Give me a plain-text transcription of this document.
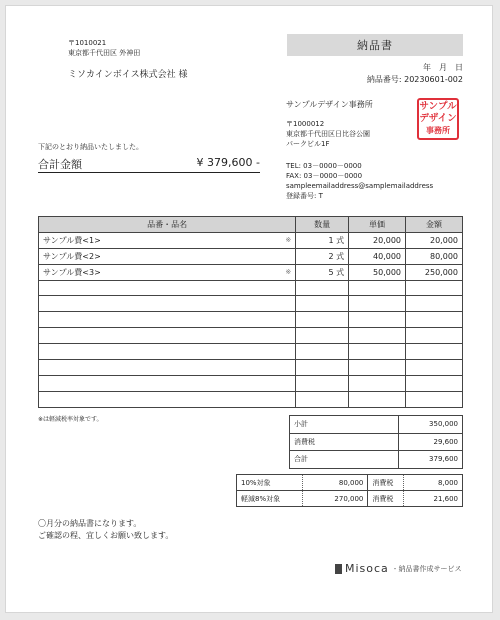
〒1010021
東京都千代田区 外神田
ミソカインボイス株式会社 様
納品書
年　月　日
納品番号: 20230601-002
下記のとおり納品いたしました。
合計金額	¥ 379,600 -
サンプルデザイン事務所
〒1000012
東京都千代田区日比谷公園
パークビル1F
TEL: 03－0000－0000
FAX: 03－0000－0000
sampleemailaddress@samplemailaddress
登録番号: T
サンプル
デザイン
事務所
品番・品名		数量	単価	金額
サンプル費<1>	※	1 式	20,000	20,000
サンプル費<2>		2 式	40,000	80,000
サンプル費<3>	※	5 式	50,000	250,000

※は軽減税率対象です。
小計	350,000
消費税	29,600
合計	379,600
10%対象	80,000	消費税	8,000
軽減8%対象	270,000	消費税	21,600
〇月分の納品書になります。
ご確認の程、宜しくお願い致します。
Misoca - 納品書作成サービス
